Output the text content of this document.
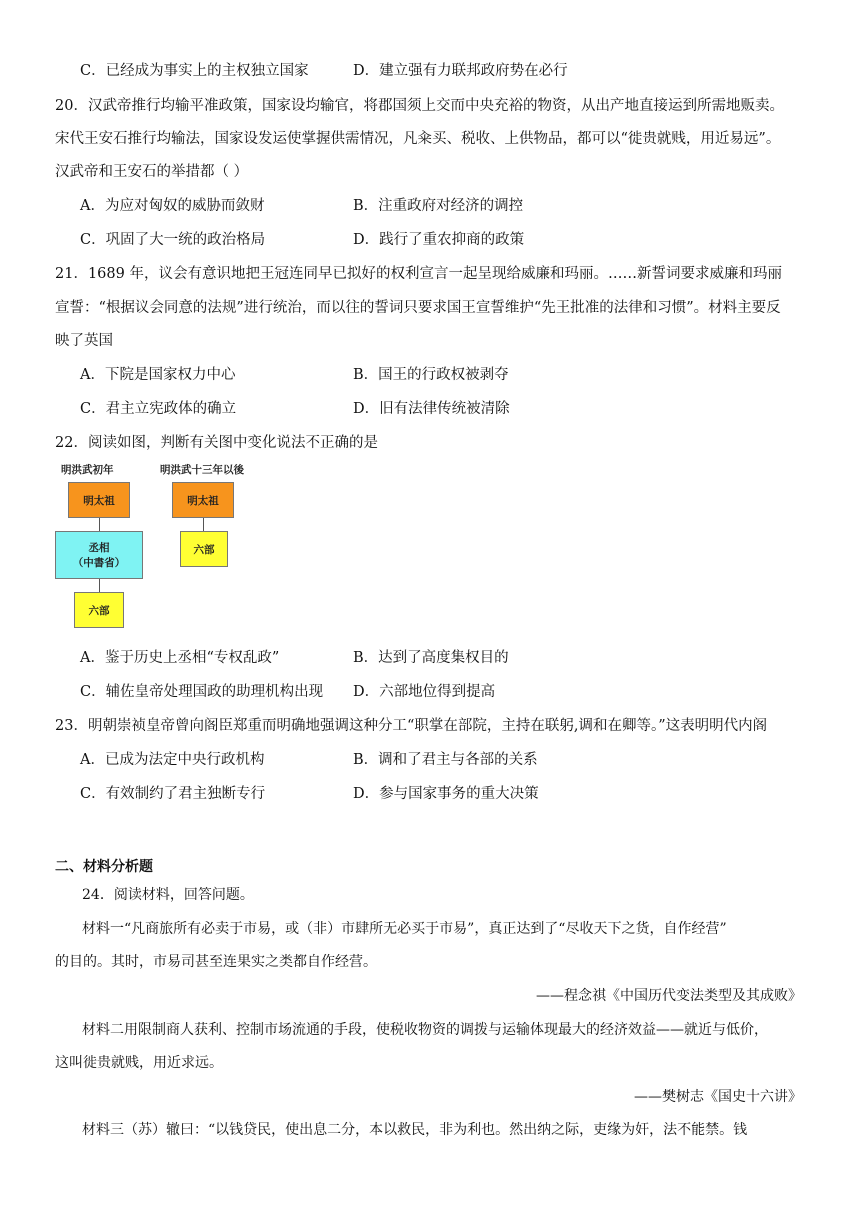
C．已经成为事实上的主权独立国家	D．建立强有力联邦政府势在必行
20．汉武帝推行均输平准政策，国家设均输官，将郡国须上交而中央充裕的物资，从出产地直接运到所需地贩卖。
宋代王安石推行均输法，国家设发运使掌握供需情况，凡籴买、税收、上供物品，都可以“徙贵就贱，用近易远”。
汉武帝和王安石的举措都（ ）
A．为应对匈奴的威胁而敛财	B．注重政府对经济的调控
C．巩固了大一统的政治格局	D．践行了重农抑商的政策
21．1689 年，议会有意识地把王冠连同早已拟好的权利宣言一起呈现给威廉和玛丽。……新誓词要求威廉和玛丽
宣誓：“根据议会同意的法规”进行统治，而以往的誓词只要求国王宣誓维护“先王批准的法律和习惯”。材料主要反
映了英国
A．下院是国家权力中心	B．国王的行政权被剥夺
C．君主立宪政体的确立	D．旧有法律传统被清除
22．阅读如图，判断有关图中变化说法不正确的是
明洪武初年	明洪武十三年以後
明太祖
丞相
（中書省）
六部
明太祖
六部
A．鉴于历史上丞相“专权乱政”	B．达到了高度集权目的
C．辅佐皇帝处理国政的助理机构出现 D．六部地位得到提高
23．明朝崇祯皇帝曾向阁臣郑重而明确地强调这种分工“职掌在部院，主持在联躬,调和在卿等。”这表明明代内阁
A．已成为法定中央行政机构	B．调和了君主与各部的关系
C．有效制约了君主独断专行	D．参与国家事务的重大决策
二、材料分析题
24．阅读材料，回答问题。
材料一“凡商旅所有必卖于市易，或（非）市肆所无必买于市易”，真正达到了“尽收天下之货，自作经营”
的目的。其时，市易司甚至连果实之类都自作经营。
——程念祺《中国历代变法类型及其成败》
材料二用限制商人获利、控制市场流通的手段，使税收物资的调拨与运输体现最大的经济效益——就近与低价，
这叫徙贵就贱，用近求远。
——樊树志《国史十六讲》
材料三（苏）辙曰：“以钱贷民，使出息二分，本以救民，非为利也。然出纳之际，吏缘为奸，法不能禁。钱
